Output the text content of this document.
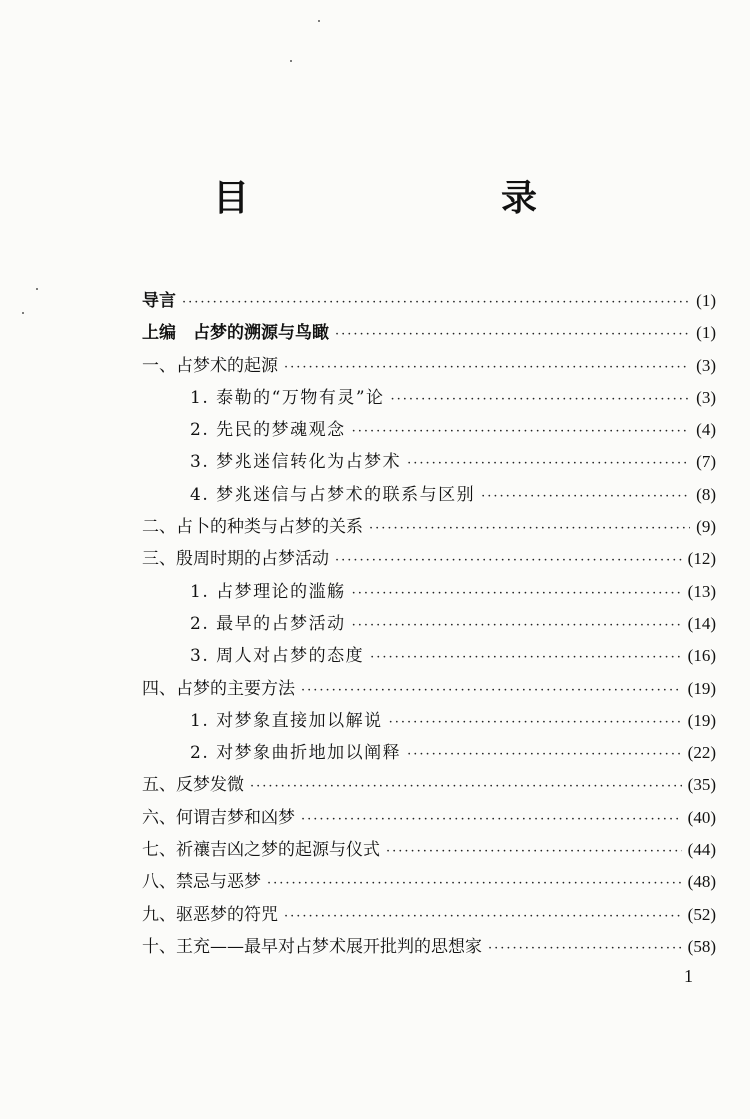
目　　录
导言 ·····	(1)
上编　占梦的溯源与鸟瞰 ·····	(1)
一、占梦术的起源 ·····	(3)
1. 泰勒的“万物有灵”论 ·····	(3)
2. 先民的梦魂观念 ·····	(4)
3. 梦兆迷信转化为占梦术 ·····	(7)
4. 梦兆迷信与占梦术的联系与区别 ·····	(8)
二、占卜的种类与占梦的关系 ·····	(9)
三、殷周时期的占梦活动 ·····	(12)
1. 占梦理论的滥觞 ·····	(13)
2. 最早的占梦活动 ·····	(14)
3. 周人对占梦的态度 ·····	(16)
四、占梦的主要方法 ·····	(19)
1. 对梦象直接加以解说 ·····	(19)
2. 对梦象曲折地加以阐释 ·····	(22)
五、反梦发微 ·····	(35)
六、何谓吉梦和凶梦 ·····	(40)
七、祈禳吉凶之梦的起源与仪式 ·····	(44)
八、禁忌与恶梦 ·····	(48)
九、驱恶梦的符咒 ·····	(52)
十、王充——最早对占梦术展开批判的思想家 ·····	(58)
1
